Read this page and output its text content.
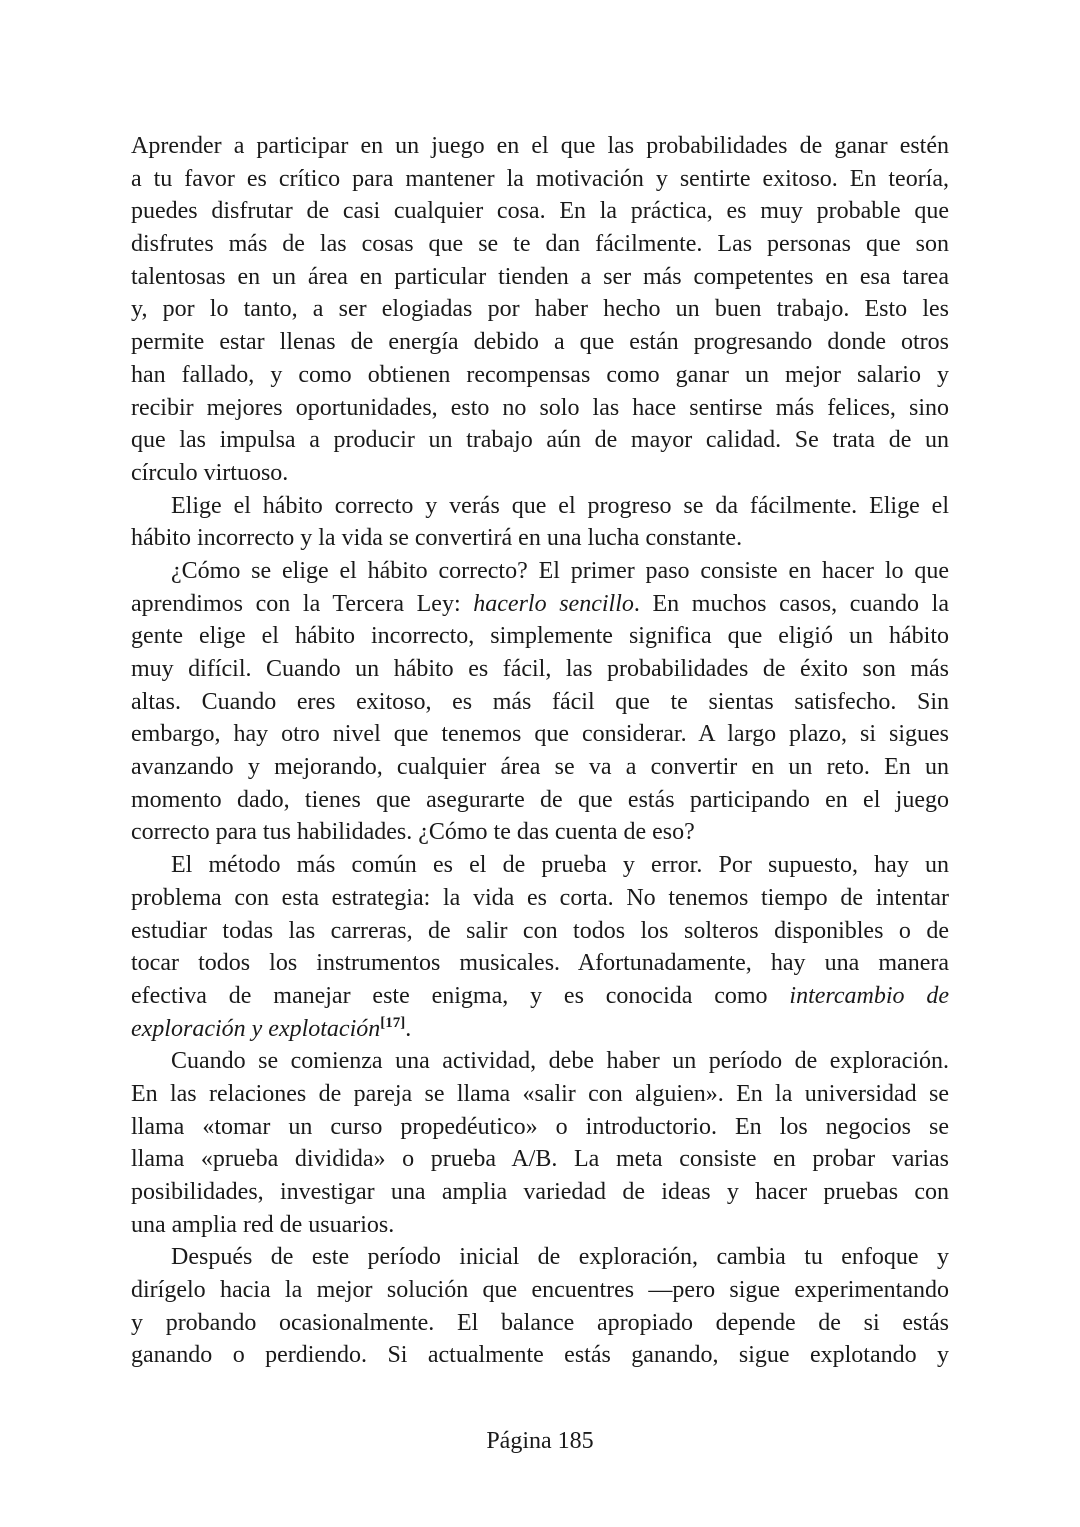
Aprender a participar en un juego en el que las probabilidades de ganar estén
a tu favor es crítico para mantener la motivación y sentirte exitoso. En teoría,
puedes disfrutar de casi cualquier cosa. En la práctica, es muy probable que
disfrutes más de las cosas que se te dan fácilmente. Las personas que son
talentosas en un área en particular tienden a ser más competentes en esa tarea
y, por lo tanto, a ser elogiadas por haber hecho un buen trabajo. Esto les
permite estar llenas de energía debido a que están progresando donde otros
han fallado, y como obtienen recompensas como ganar un mejor salario y
recibir mejores oportunidades, esto no solo las hace sentirse más felices, sino
que las impulsa a producir un trabajo aún de mayor calidad. Se trata de un
círculo virtuoso.
Elige el hábito correcto y verás que el progreso se da fácilmente. Elige el
hábito incorrecto y la vida se convertirá en una lucha constante.
¿Cómo se elige el hábito correcto? El primer paso consiste en hacer lo que
aprendimos con la Tercera Ley: hacerlo sencillo. En muchos casos, cuando la
gente elige el hábito incorrecto, simplemente significa que eligió un hábito
muy difícil. Cuando un hábito es fácil, las probabilidades de éxito son más
altas. Cuando eres exitoso, es más fácil que te sientas satisfecho. Sin
embargo, hay otro nivel que tenemos que considerar. A largo plazo, si sigues
avanzando y mejorando, cualquier área se va a convertir en un reto. En un
momento dado, tienes que asegurarte de que estás participando en el juego
correcto para tus habilidades. ¿Cómo te das cuenta de eso?
El método más común es el de prueba y error. Por supuesto, hay un
problema con esta estrategia: la vida es corta. No tenemos tiempo de intentar
estudiar todas las carreras, de salir con todos los solteros disponibles o de
tocar todos los instrumentos musicales. Afortunadamente, hay una manera
efectiva de manejar este enigma, y es conocida como intercambio de
exploración y explotación[17].
Cuando se comienza una actividad, debe haber un período de exploración.
En las relaciones de pareja se llama «salir con alguien». En la universidad se
llama «tomar un curso propedéutico» o introductorio. En los negocios se
llama «prueba dividida» o prueba A/B. La meta consiste en probar varias
posibilidades, investigar una amplia variedad de ideas y hacer pruebas con
una amplia red de usuarios.
Después de este período inicial de exploración, cambia tu enfoque y
dirígelo hacia la mejor solución que encuentres —pero sigue experimentando
y probando ocasionalmente. El balance apropiado depende de si estás
ganando o perdiendo. Si actualmente estás ganando, sigue explotando y
Página 185
